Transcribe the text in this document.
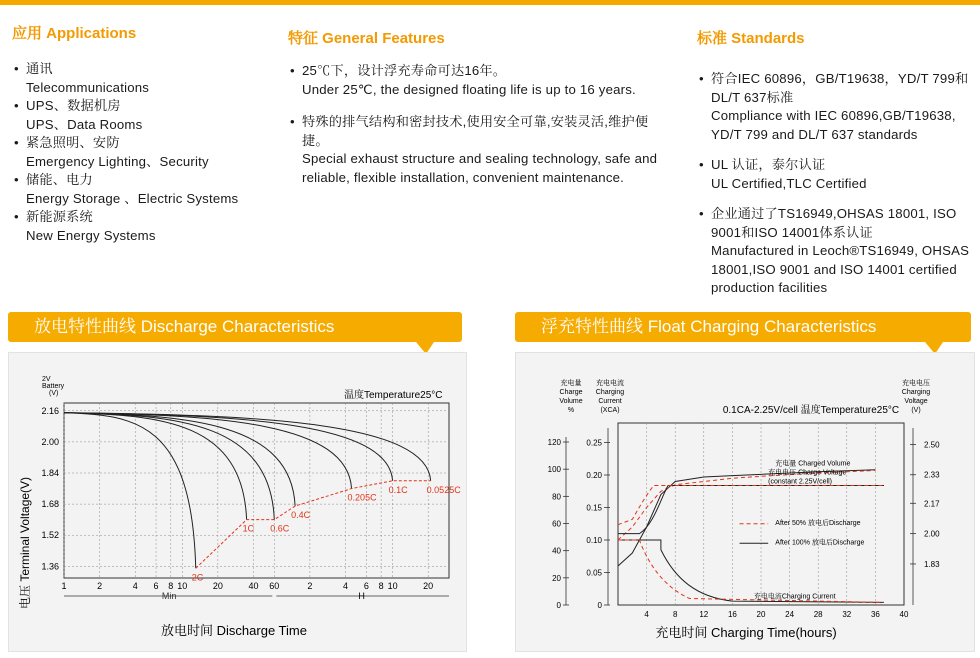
应用 Applications
• 通讯
Telecommunications
• UPS、数据机房
UPS、Data Rooms
• 紧急照明、安防
Emergency Lighting、Security
• 储能、电力
Energy Storage 、Electric Systems
• 新能源系统
New Energy Systems
特征 General Features
• 25℃下，设计浮充寿命可达16年。
Under 25℃, the designed floating life is up to 16 years.
• 特殊的排气结构和密封技术,使用安全可靠,安装灵活,维护便捷。
Special exhaust structure and sealing technology, safe and reliable, flexible installation, convenient maintenance.
标准 Standards
• 符合IEC 60896，GB/T19638，YD/T 799和DL/T 637标准
Compliance with IEC 60896,GB/T19638, YD/T 799 and DL/T 637 standards
• UL 认证，泰尔认证
UL Certified,TLC Certified
• 企业通过了TS16949,OHSAS 18001, ISO 9001和ISO 14001体系认证
Manufactured in Leoch®TS16949, OHSAS 18001,ISO 9001 and ISO 14001 certified production facilities
放电特性曲线 Discharge Characteristics
2V
Battery
(V)	温度Temperature25°C
电压 Terminal Voltage(V)
1	2	4 6 8 10	20	40 60	2	4 6 8 10	20
2.16
2.00
1.84
1.68
1.52
1.36
Min	H
2C
1C 0.6C
0.4C
0.205C
0.1C 0.0525C
放电时间 Discharge Time
浮充特性曲线 Float Charging Characteristics
充电量
Charge
Volume
%
充电电流
Charging
Current
(XCA)
充电电压
Charging
Voltage
(V)
0.1CA-2.25V/cell 温度Temperature25°C
4	8	12 16 20 24 28 32 36 40
0
0.05
0.10
0.15
0.20
0.25
0
20
40
60
80
100
120
1.83
2.00
2.17
2.33
2.50
充电量 Charged Volume
充电电压 Charge Voltage
(constant 2.25V/cell)
充电电流Charging Current
After 50% 放电后Discharge
After 100% 放电后Discharge
充电时间 Charging Time(hours)
